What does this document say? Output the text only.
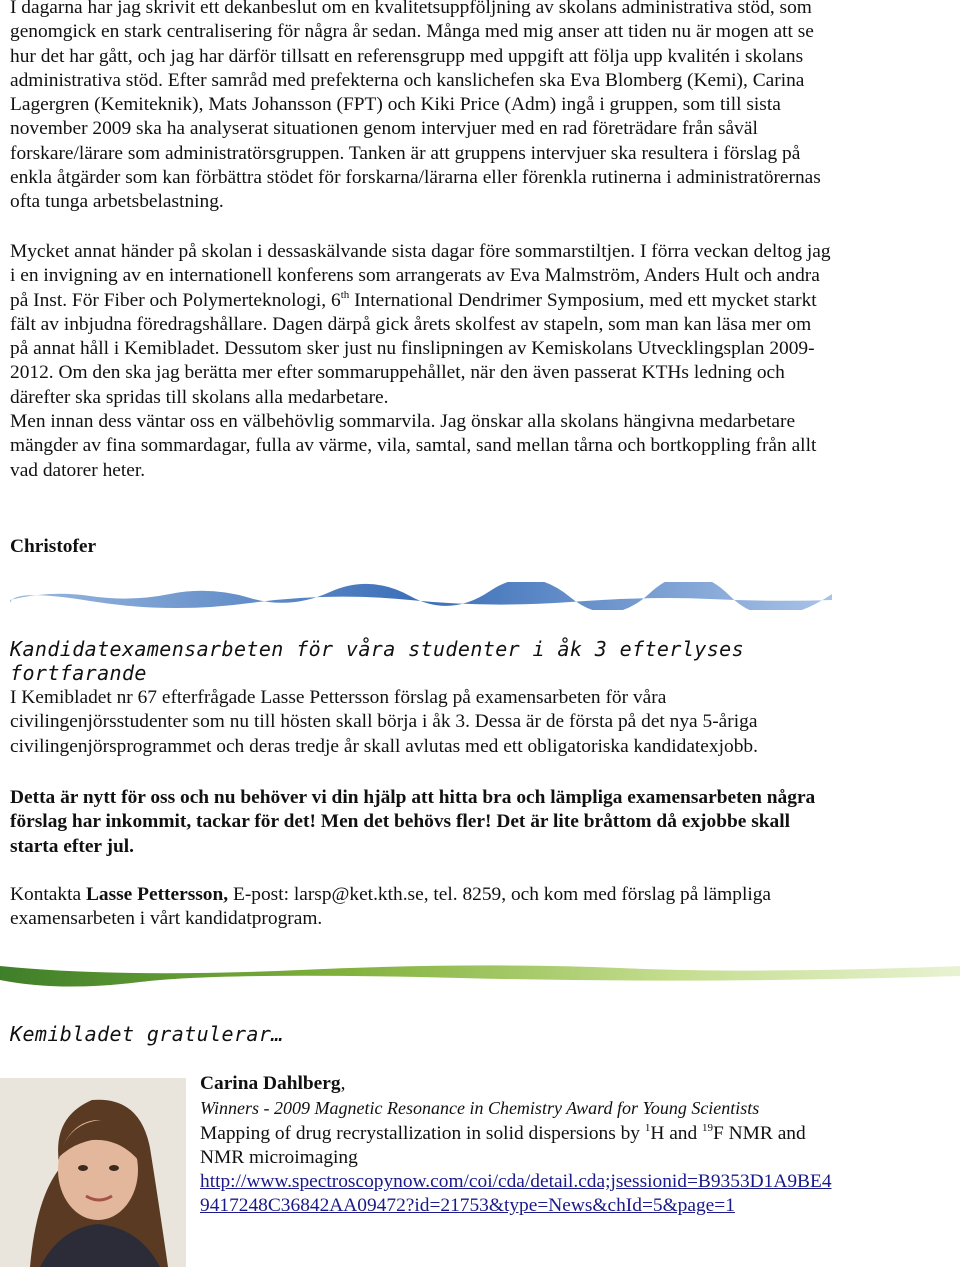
I dagarna har jag skrivit ett dekanbeslut om en kvalitetsuppföljning av skolans administrativa stöd, som genomgick en stark centralisering för några år sedan. Många med mig anser att tiden nu är mogen att se hur det har gått, och jag har därför tillsatt en referensgrupp med uppgift att följa upp kvalitén i skolans administrativa stöd. Efter samråd med prefekterna och kanslichefen ska Eva Blomberg (Kemi), Carina Lagergren (Kemiteknik), Mats Johansson (FPT) och Kiki Price (Adm) ingå i gruppen, som till sista november 2009 ska ha analyserat situationen genom intervjuer med en rad företrädare från såväl forskare/lärare som administratörsgruppen. Tanken är att gruppens intervjuer ska resultera i förslag på enkla åtgärder som kan förbättra stödet för forskarna/lärarna eller förenkla rutinerna i administratörernas ofta tunga arbetsbelastning.

Mycket annat händer på skolan i dessaskälvande sista dagar före sommarstiltjen. I förra veckan deltog jag i en invigning av en internationell konferens som arrangerats av Eva Malmström, Anders Hult och andra på Inst. För Fiber och Polymerteknologi, 6th International Dendrimer Symposium, med ett mycket starkt fält av inbjudna föredragshållare. Dagen därpå gick årets skolfest av stapeln, som man kan läsa mer om på annat håll i Kemibladet. Dessutom sker just nu finslipningen av Kemiskolans Utvecklingsplan 2009-2012. Om den ska jag berätta mer efter sommaruppehållet, när den även passerat KTHs ledning och därefter ska spridas till skolans alla medarbetare.
Men innan dess väntar oss en välbehövlig sommarvila. Jag önskar alla skolans hängivna medarbetare mängder av fina sommardagar, fulla av värme, vila, samtal, sand mellan tårna och bortkoppling från allt vad datorer heter.

Christofer

Kandidatexamensarbeten för våra studenter i åk 3 efterlyses fortfarande

I Kemibladet nr 67 efterfrågade Lasse Pettersson förslag på examensarbeten för våra civilingenjörsstudenter som nu till hösten skall börja i åk 3. Dessa är de första på det nya 5-åriga civilingenjörsprogrammet och deras tredje år skall avlutas med ett obligatoriska kandidatexjobb.

Detta är nytt för oss och nu behöver vi din hjälp att hitta bra och lämpliga examensarbeten några förslag har inkommit, tackar för det! Men det behövs fler! Det är lite bråttom då exjobbe skall starta efter jul.

Kontakta Lasse Pettersson, E-post: larsp@ket.kth.se, tel. 8259, och kom med förslag på lämpliga examensarbeten i vårt kandidatprogram.

Kemibladet gratulerar…

Carina Dahlberg,
Winners - 2009 Magnetic Resonance in Chemistry Award for Young Scientists
Mapping of drug recrystallization in solid dispersions by $^1$H and $^{19}$F NMR and NMR microimaging
http://www.spectroscopynow.com/coi/cda/detail.cda;jsessionid=B9353D1A9BE49417248C36842AA09472?id=21753&type=News&chId=5&page=1
